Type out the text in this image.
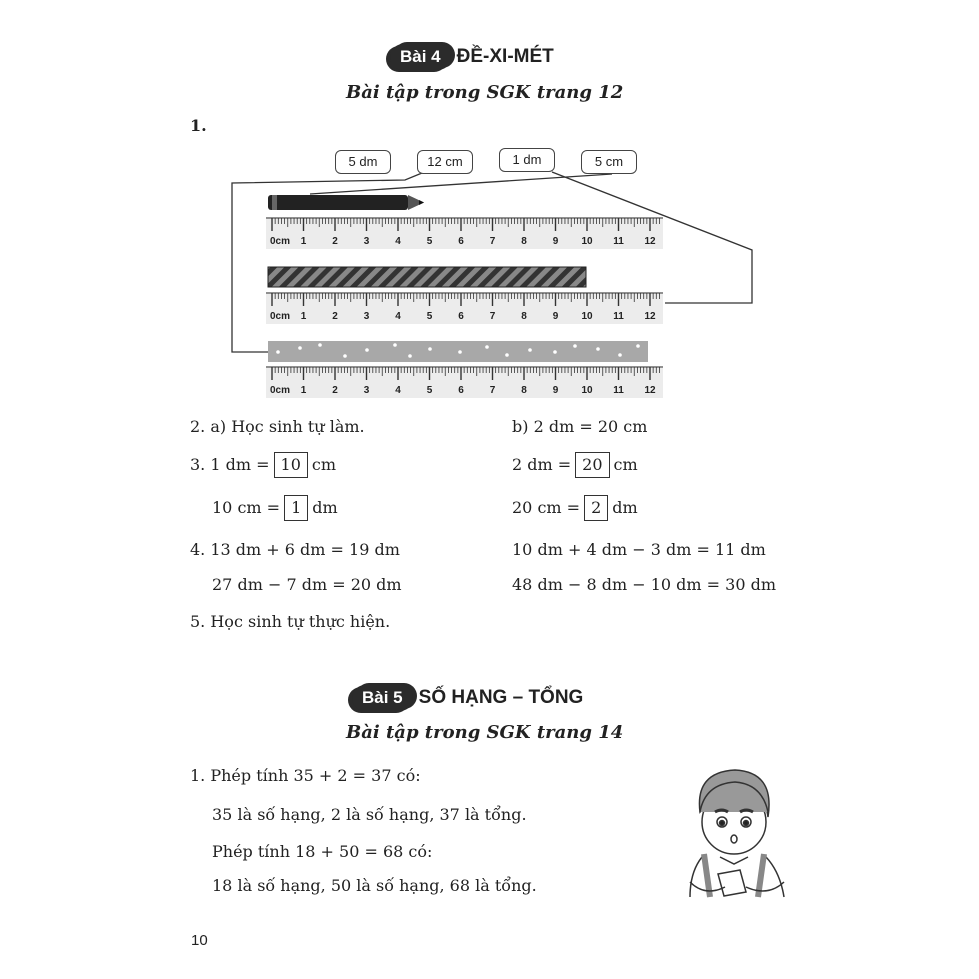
Bài 4 ĐỀ-XI-MÉT
Bài tập trong SGK trang 12
1.
5 dm	12 cm	1 dm	5 cm
0cm 1	2	3	4	5	6	7	8	9 10 11 12
0cm 1	2	3	4	5	6	7	8	9 10 11 12
0cm 1	2	3	4	5	6	7	8	9 10 11 12
2. a) Học sinh tự làm.	b) 2 dm = 20 cm
3. 1 dm = 10 cm	2 dm = 20 cm
10 cm = 1 dm	20 cm = 2 dm
4. 13 dm + 6 dm = 19 dm	10 dm + 4 dm − 3 dm = 11 dm
27 dm − 7 dm = 20 dm	48 dm − 8 dm − 10 dm = 30 dm
5. Học sinh tự thực hiện.
Bài 5 SỐ HẠNG – TỔNG
Bài tập trong SGK trang 14
1. Phép tính 35 + 2 = 37 có:
35 là số hạng, 2 là số hạng, 37 là tổng.
Phép tính 18 + 50 = 68 có:
18 là số hạng, 50 là số hạng, 68 là tổng.
10
